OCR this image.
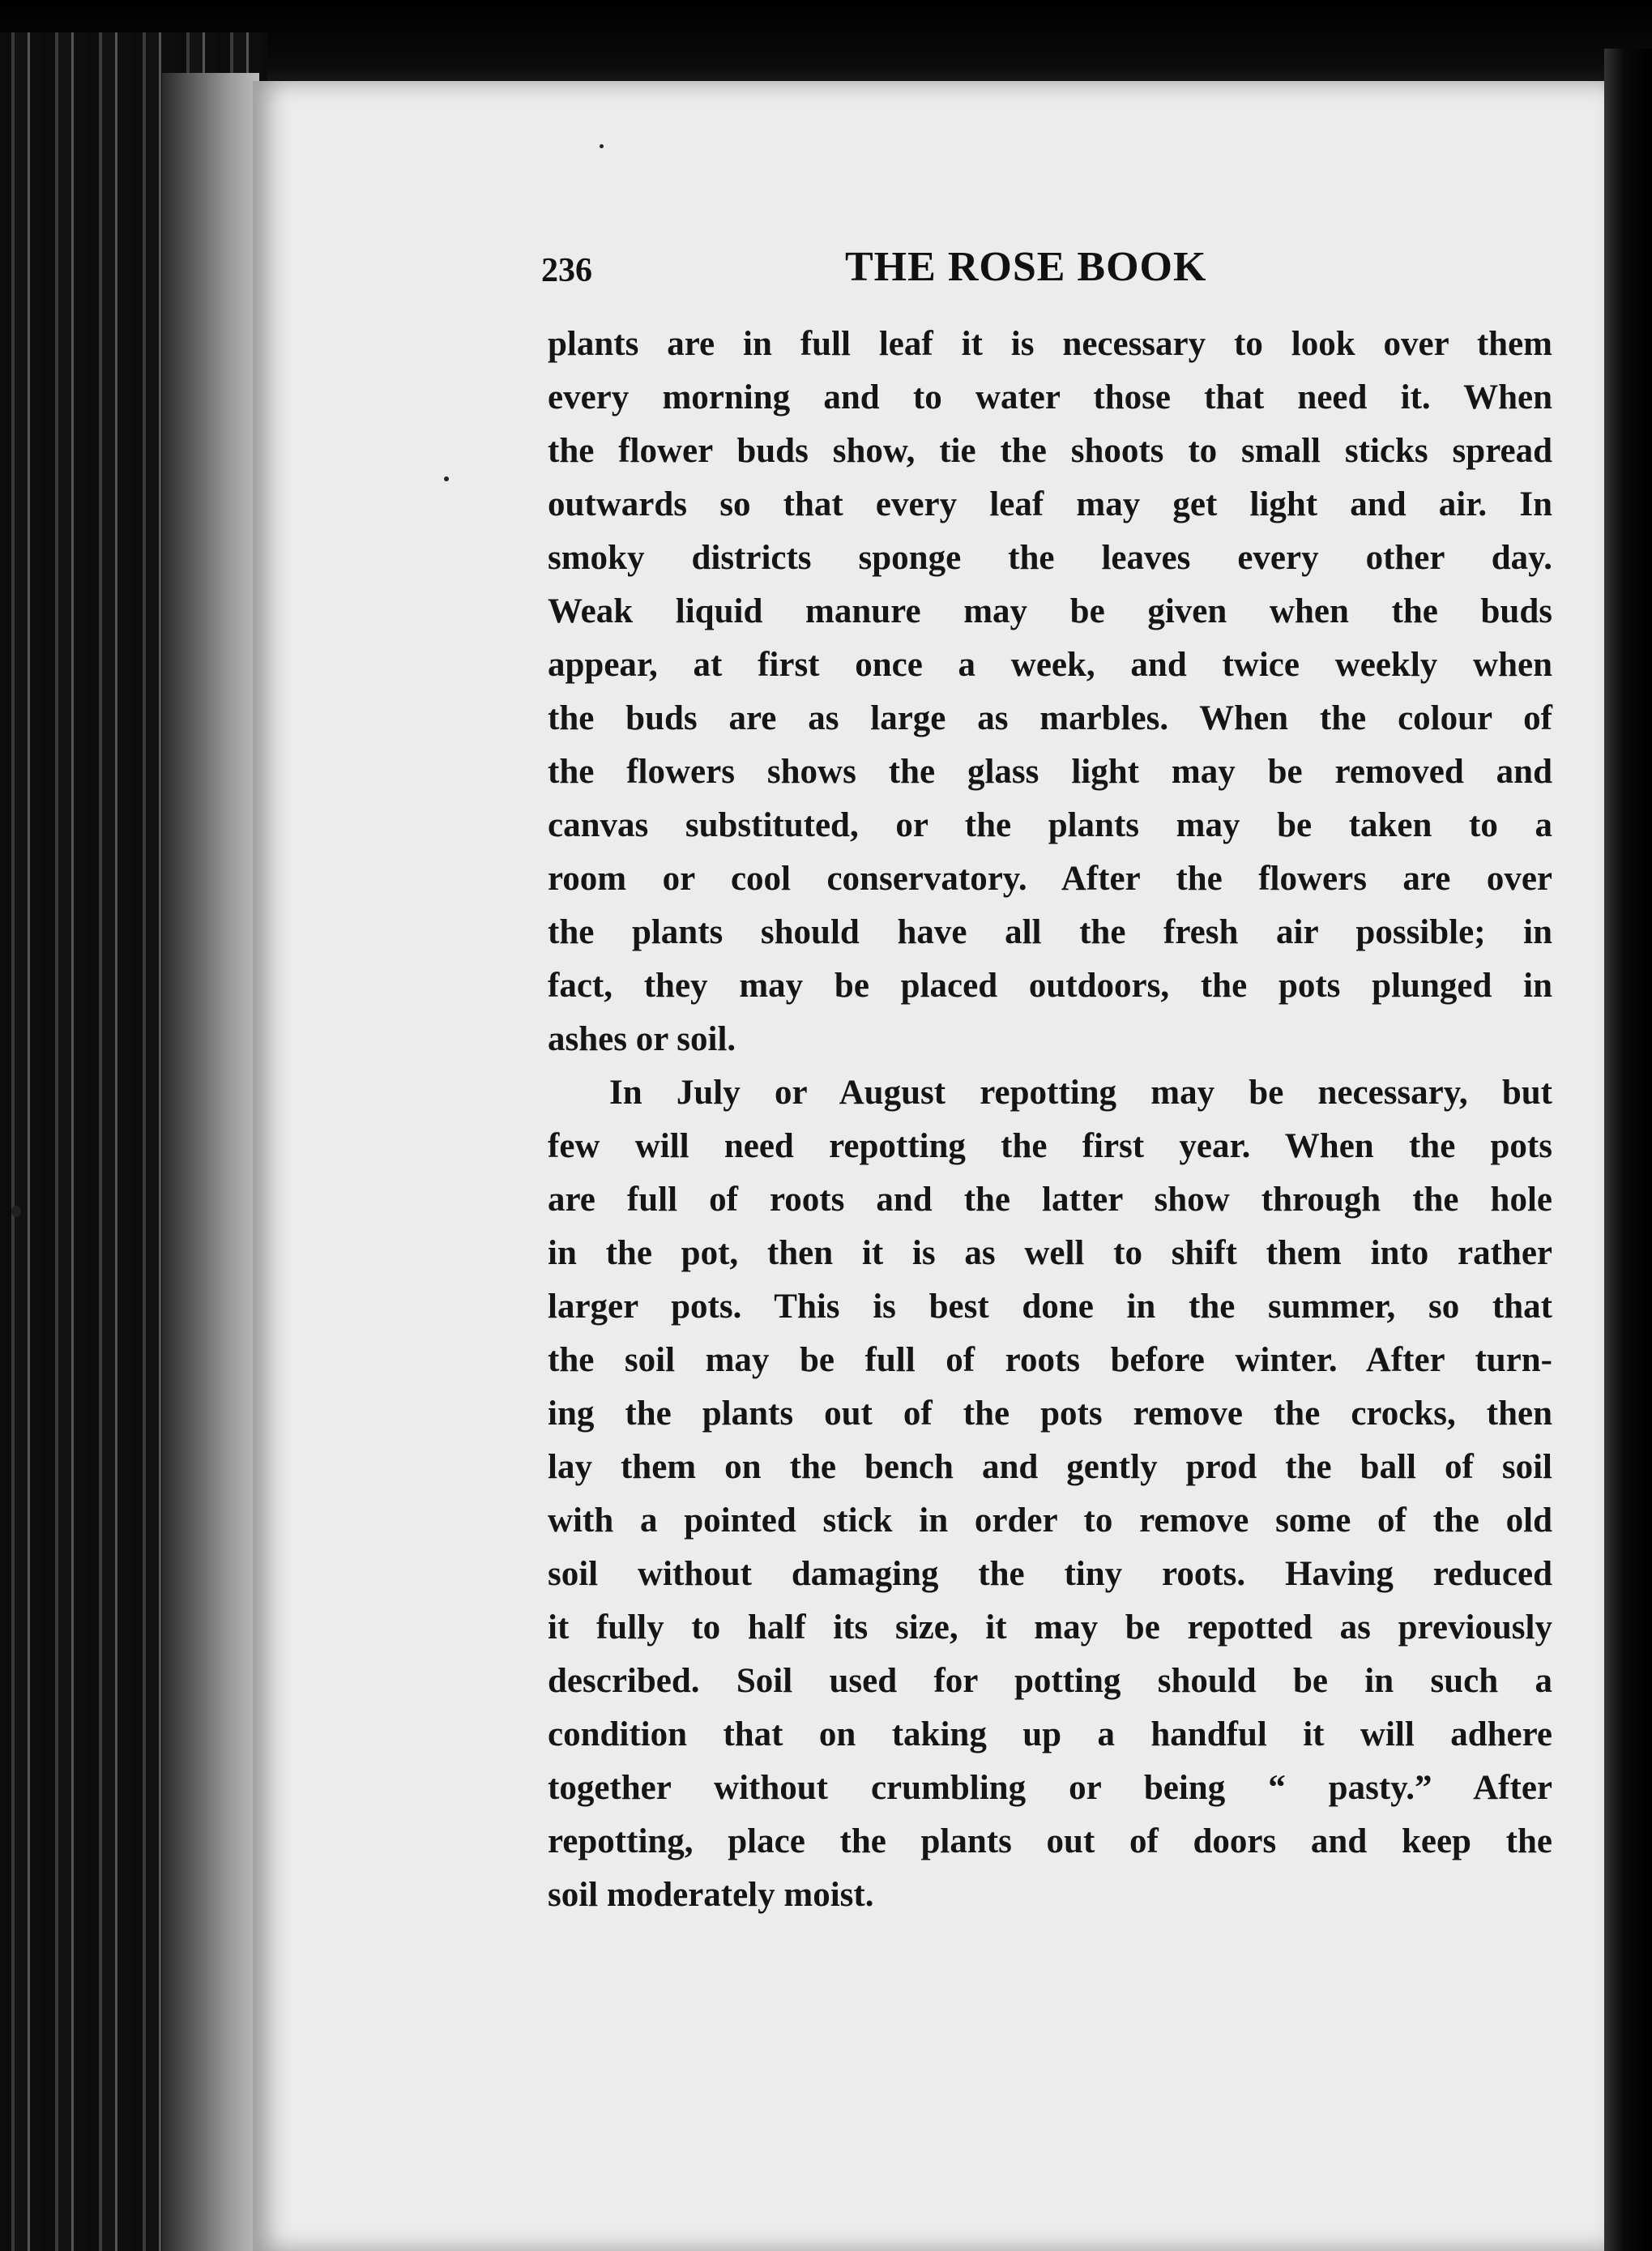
236	THE ROSE BOOK
plants are in full leaf it is necessary to look over them
every morning and to water those that need it. When
the flower buds show, tie the shoots to small sticks spread
outwards so that every leaf may get light and air. In
smoky districts sponge the leaves every other day.
Weak liquid manure may be given when the buds
appear, at first once a week, and twice weekly when
the buds are as large as marbles. When the colour of
the flowers shows the glass light may be removed and
canvas substituted, or the plants may be taken to a
room or cool conservatory. After the flowers are over
the plants should have all the fresh air possible; in
fact, they may be placed outdoors, the pots plunged in
ashes or soil.
In July or August repotting may be necessary, but
few will need repotting the first year. When the pots
are full of roots and the latter show through the hole
in the pot, then it is as well to shift them into rather
larger pots. This is best done in the summer, so that
the soil may be full of roots before winter. After turn-
ing the plants out of the pots remove the crocks, then
lay them on the bench and gently prod the ball of soil
with a pointed stick in order to remove some of the old
soil without damaging the tiny roots. Having reduced
it fully to half its size, it may be repotted as previously
described. Soil used for potting should be in such a
condition that on taking up a handful it will adhere
together without crumbling or being “ pasty.” After
repotting, place the plants out of doors and keep the
soil moderately moist.
